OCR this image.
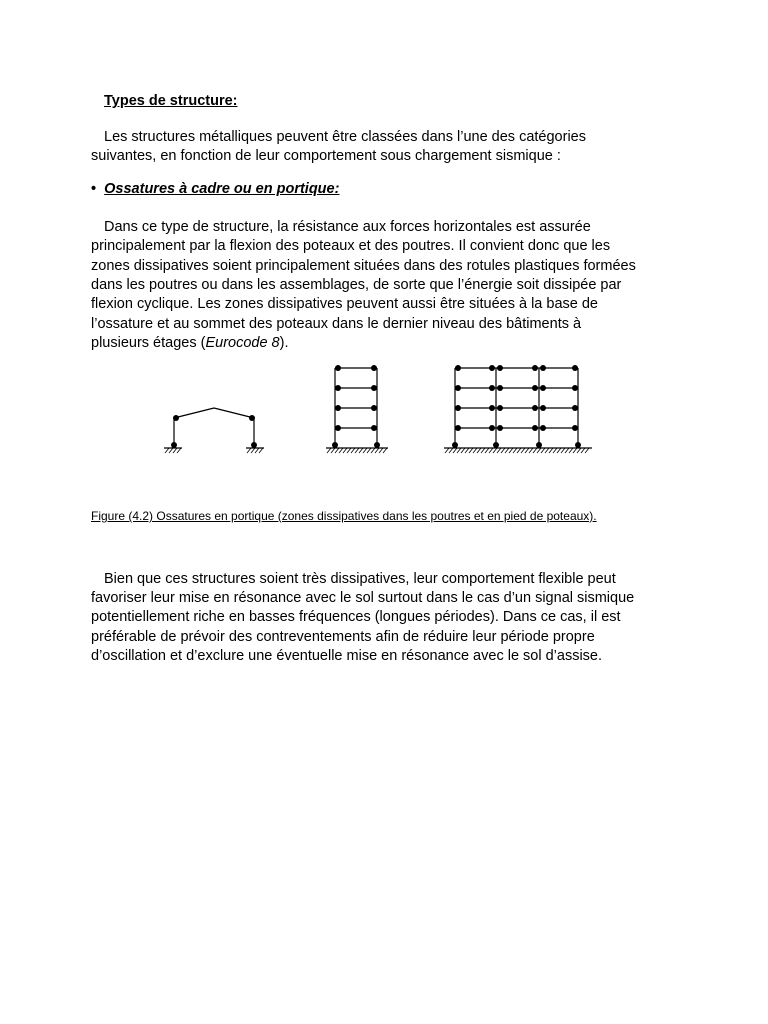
Types de structure:

Les structures métalliques peuvent être classées dans l’une des catégories

suivantes, en fonction de leur comportement sous chargement sismique :

• Ossatures à cadre ou en portique:

Dans ce type de structure, la résistance aux forces horizontales est assurée

principalement par la flexion des poteaux et des poutres. Il convient donc que les

zones dissipatives soient principalement situées dans des rotules plastiques formées

dans les poutres ou dans les assemblages, de sorte que l’énergie soit dissipée par

flexion cyclique. Les zones dissipatives peuvent aussi être situées à la base de

l’ossature et au sommet des poteaux dans le dernier niveau des bâtiments à

plusieurs étages (Eurocode 8).

Figure (4.2) Ossatures en portique (zones dissipatives dans les poutres et en pied de poteaux).

Bien que ces structures soient très dissipatives, leur comportement flexible peut

favoriser leur mise en résonance avec le sol surtout dans le cas d’un signal sismique

potentiellement riche en basses fréquences (longues périodes). Dans ce cas, il est

préférable de prévoir des contreventements afin de réduire leur période propre

d’oscillation et d’exclure une éventuelle mise en résonance avec le sol d’assise.
